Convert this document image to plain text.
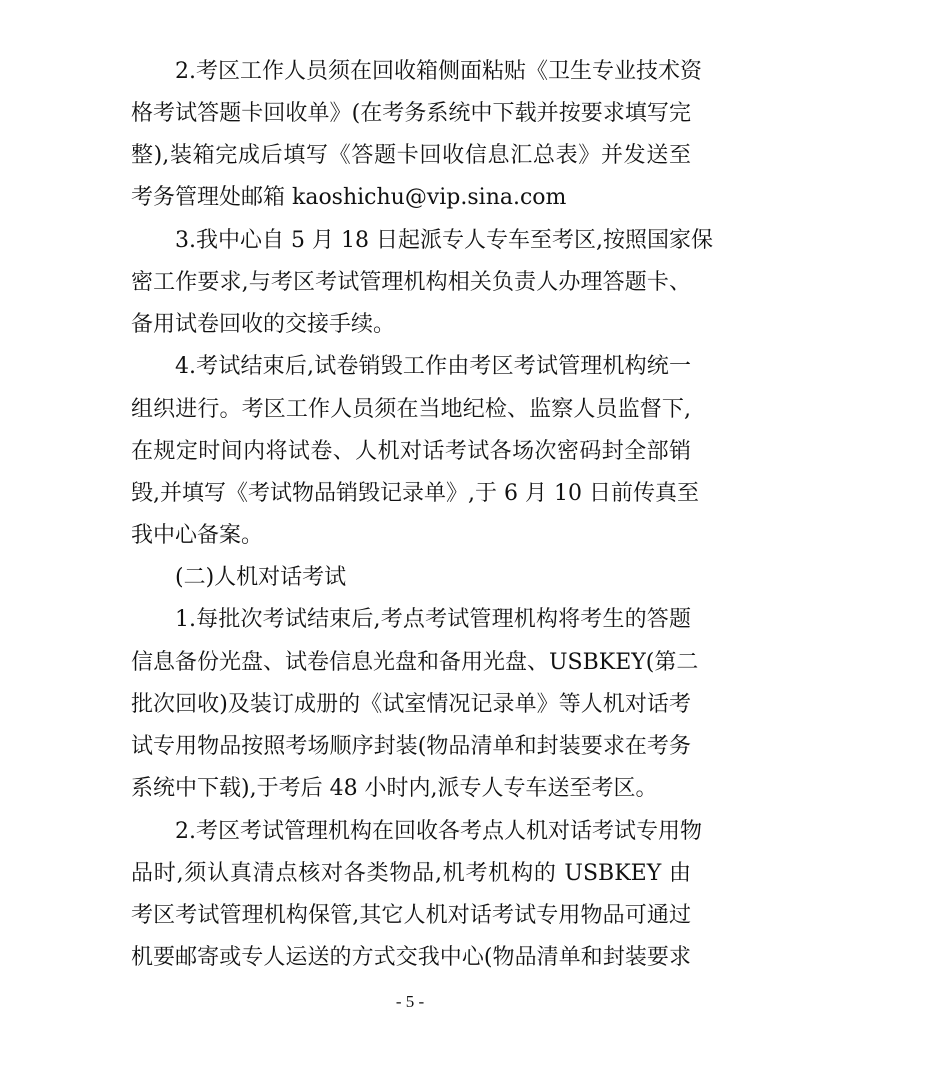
2.考区工作人员须在回收箱侧面粘贴《卫生专业技术资
格考试答题卡回收单》(在考务系统中下载并按要求填写完
整),装箱完成后填写《答题卡回收信息汇总表》并发送至
考务管理处邮箱 kaoshichu@vip.sina.com
3.我中心自 5 月 18 日起派专人专车至考区,按照国家保
密工作要求,与考区考试管理机构相关负责人办理答题卡、
备用试卷回收的交接手续。
4.考试结束后,试卷销毁工作由考区考试管理机构统一
组织进行。考区工作人员须在当地纪检、监察人员监督下,
在规定时间内将试卷、人机对话考试各场次密码封全部销
毁,并填写《考试物品销毁记录单》,于 6 月 10 日前传真至
我中心备案。
(二)人机对话考试
1.每批次考试结束后,考点考试管理机构将考生的答题
信息备份光盘、试卷信息光盘和备用光盘、USBKEY(第二
批次回收)及装订成册的《试室情况记录单》等人机对话考
试专用物品按照考场顺序封装(物品清单和封装要求在考务
系统中下载),于考后 48 小时内,派专人专车送至考区。
2.考区考试管理机构在回收各考点人机对话考试专用物
品时,须认真清点核对各类物品,机考机构的 USBKEY 由
考区考试管理机构保管,其它人机对话考试专用物品可通过
机要邮寄或专人运送的方式交我中心(物品清单和封装要求
- 5 -
